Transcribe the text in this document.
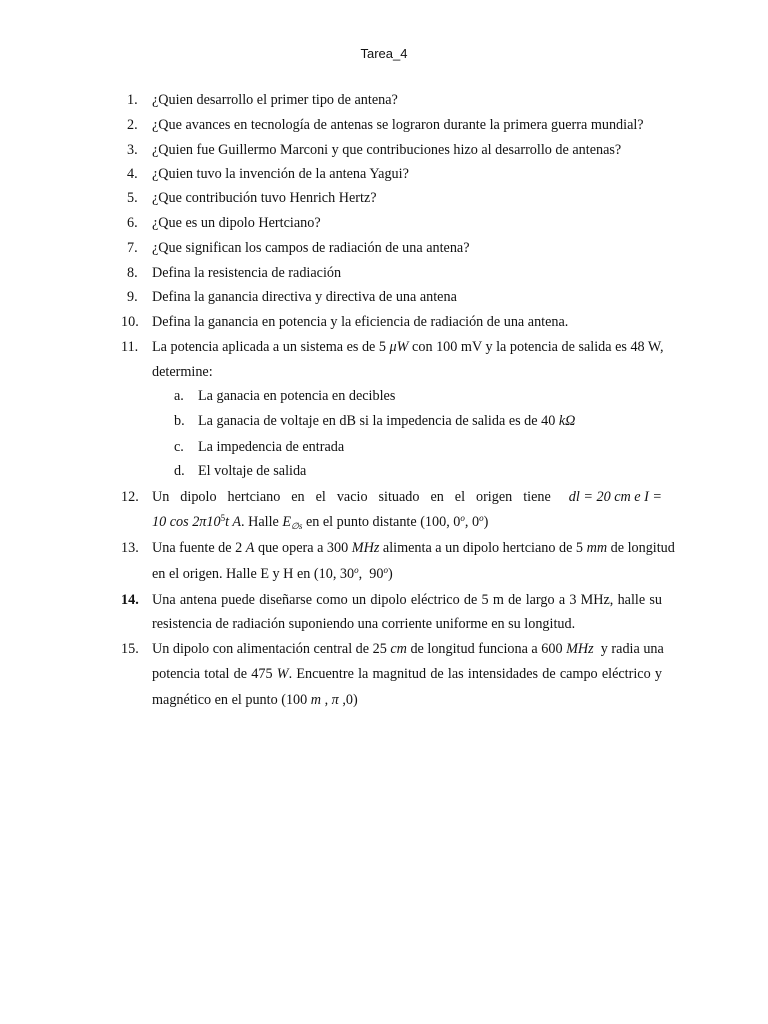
Tarea_4
1.	¿Quien desarrollo el primer tipo de antena?
2.	¿Que avances en tecnología de antenas se lograron durante la primera guerra mundial?
3.	¿Quien fue Guillermo Marconi y que contribuciones hizo al desarrollo de antenas?
4.	¿Quien tuvo la invención de la antena Yagui?
5.	¿Que contribución tuvo Henrich Hertz?
6.	¿Que es un dipolo Hertciano?
7.	¿Que significan los campos de radiación de una antena?
8.	Defina la resistencia de radiación
9.	Defina la ganancia directiva y directiva de una antena
10. Defina la ganancia en potencia y la eficiencia de radiación de una antena.
11. La potencia aplicada a un sistema es de 5 μW con 100 mV y la potencia de salida es 48 W,
determine:
a. La ganacia en potencia en decibles
b. La ganacia de voltaje en dB si la impedencia de salida es de 40 kΩ
c. La impedencia de entrada
d. El voltaje de salida
12. Un dipolo hertciano en el vacio situado en el origen tiene dl = 20 cm e I =
10 $\cos 2\pi 10^5t$ A. Halle $E_{\emptyset s}$ en el punto distante (100, 0$^o$, 0$^o$)
13. Una fuente de 2 A que opera a 300 MHz alimenta a un dipolo hertciano de 5 mm de longitud
en el origen. Halle E y H en (10, 30$^o$,  90$^o$)
14. Una antena puede diseñarse como un dipolo eléctrico de 5 m de largo a 3 MHz, halle su
resistencia de radiación suponiendo una corriente uniforme en su longitud.
15. Un dipolo con alimentación central de 25 cm de longitud funciona a 600 MHz  y radia una
potencia total de 475 W. Encuentre la magnitud de las intensidades de campo eléctrico y
magnético en el punto (100 m , π ,0)
